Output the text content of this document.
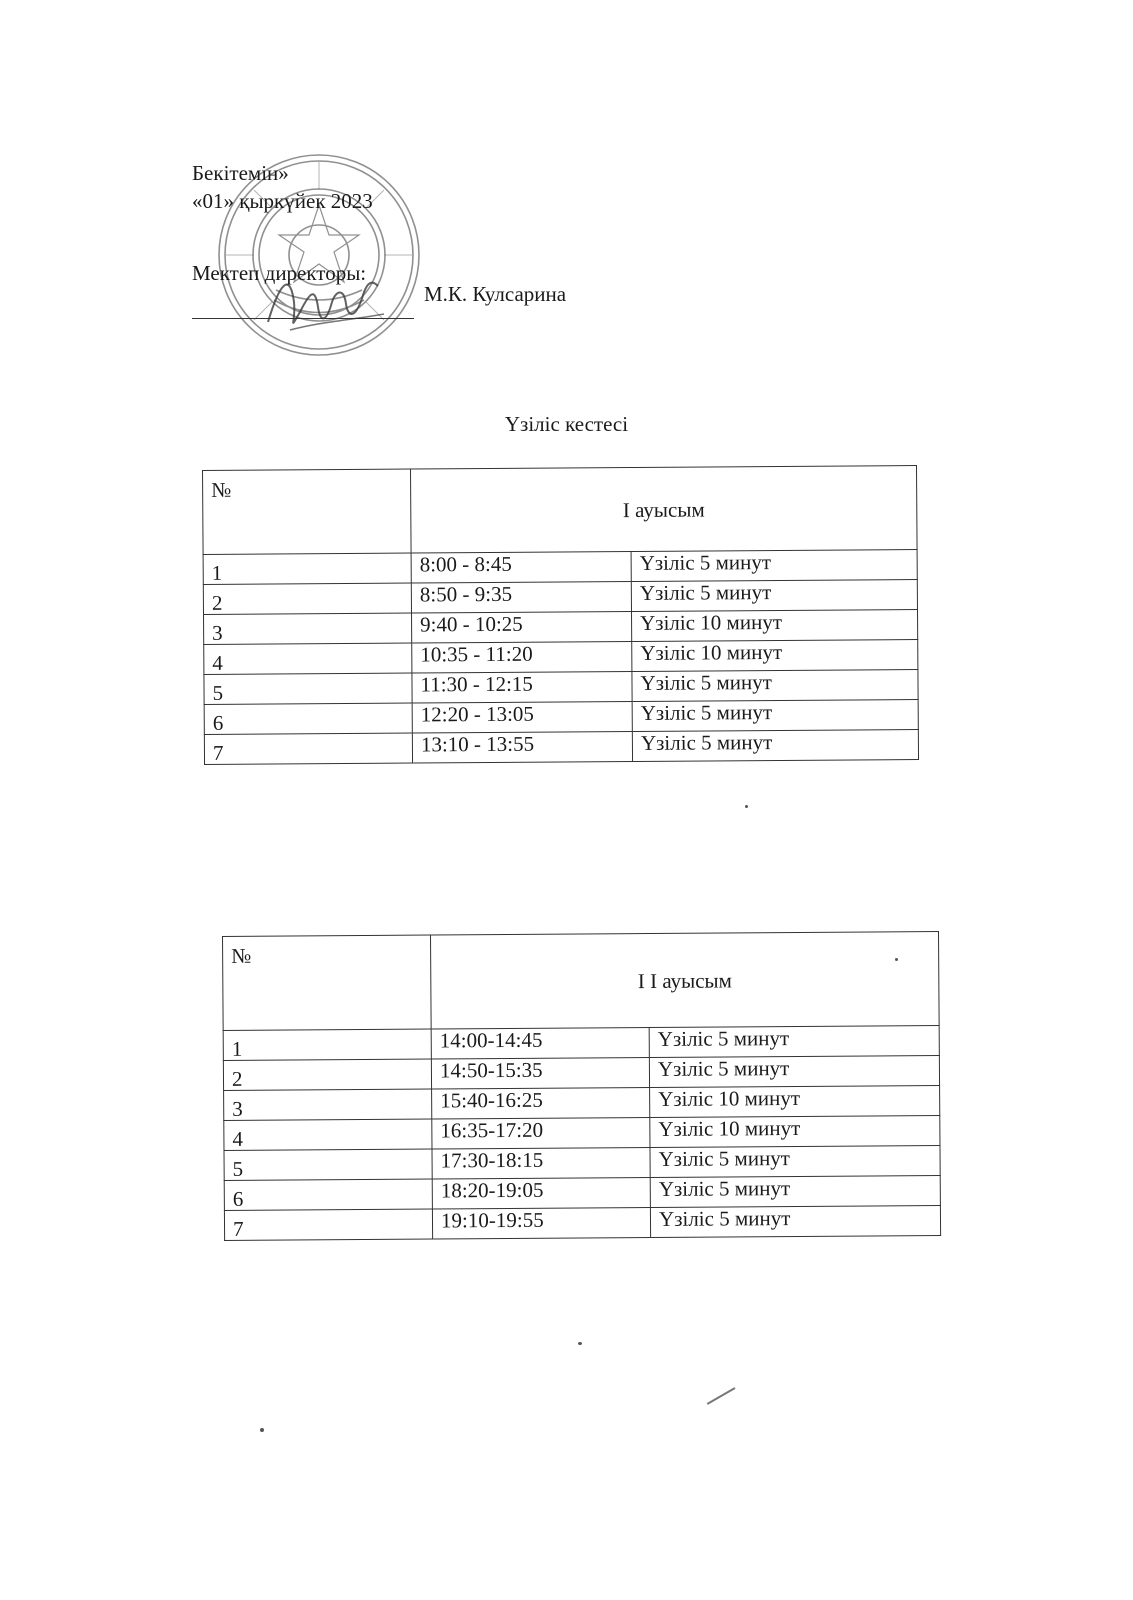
Бекітемін»
«01» қыркүйек 2023
Мектеп директоры:
М.К. Кулсарина
Үзіліс кестесі
№	I ауысым	
1	8:00 - 8:45	Үзіліс 5 минут
2	8:50 - 9:35	Үзіліс 5 минут
3	9:40 - 10:25	Үзіліс 10 минут
4	10:35 - 11:20	Үзіліс 10 минут
5	11:30 - 12:15	Үзіліс 5 минут
6	12:20 - 13:05	Үзіліс 5 минут
7	13:10 - 13:55	Үзіліс 5 минут
№	I I ауысым	
1	14:00-14:45	Үзіліс 5 минут
2	14:50-15:35	Үзіліс 5 минут
3	15:40-16:25	Үзіліс 10 минут
4	16:35-17:20	Үзіліс 10 минут
5	17:30-18:15	Үзіліс 5 минут
6	18:20-19:05	Үзіліс 5 минут
7	19:10-19:55	Үзіліс 5 минут
